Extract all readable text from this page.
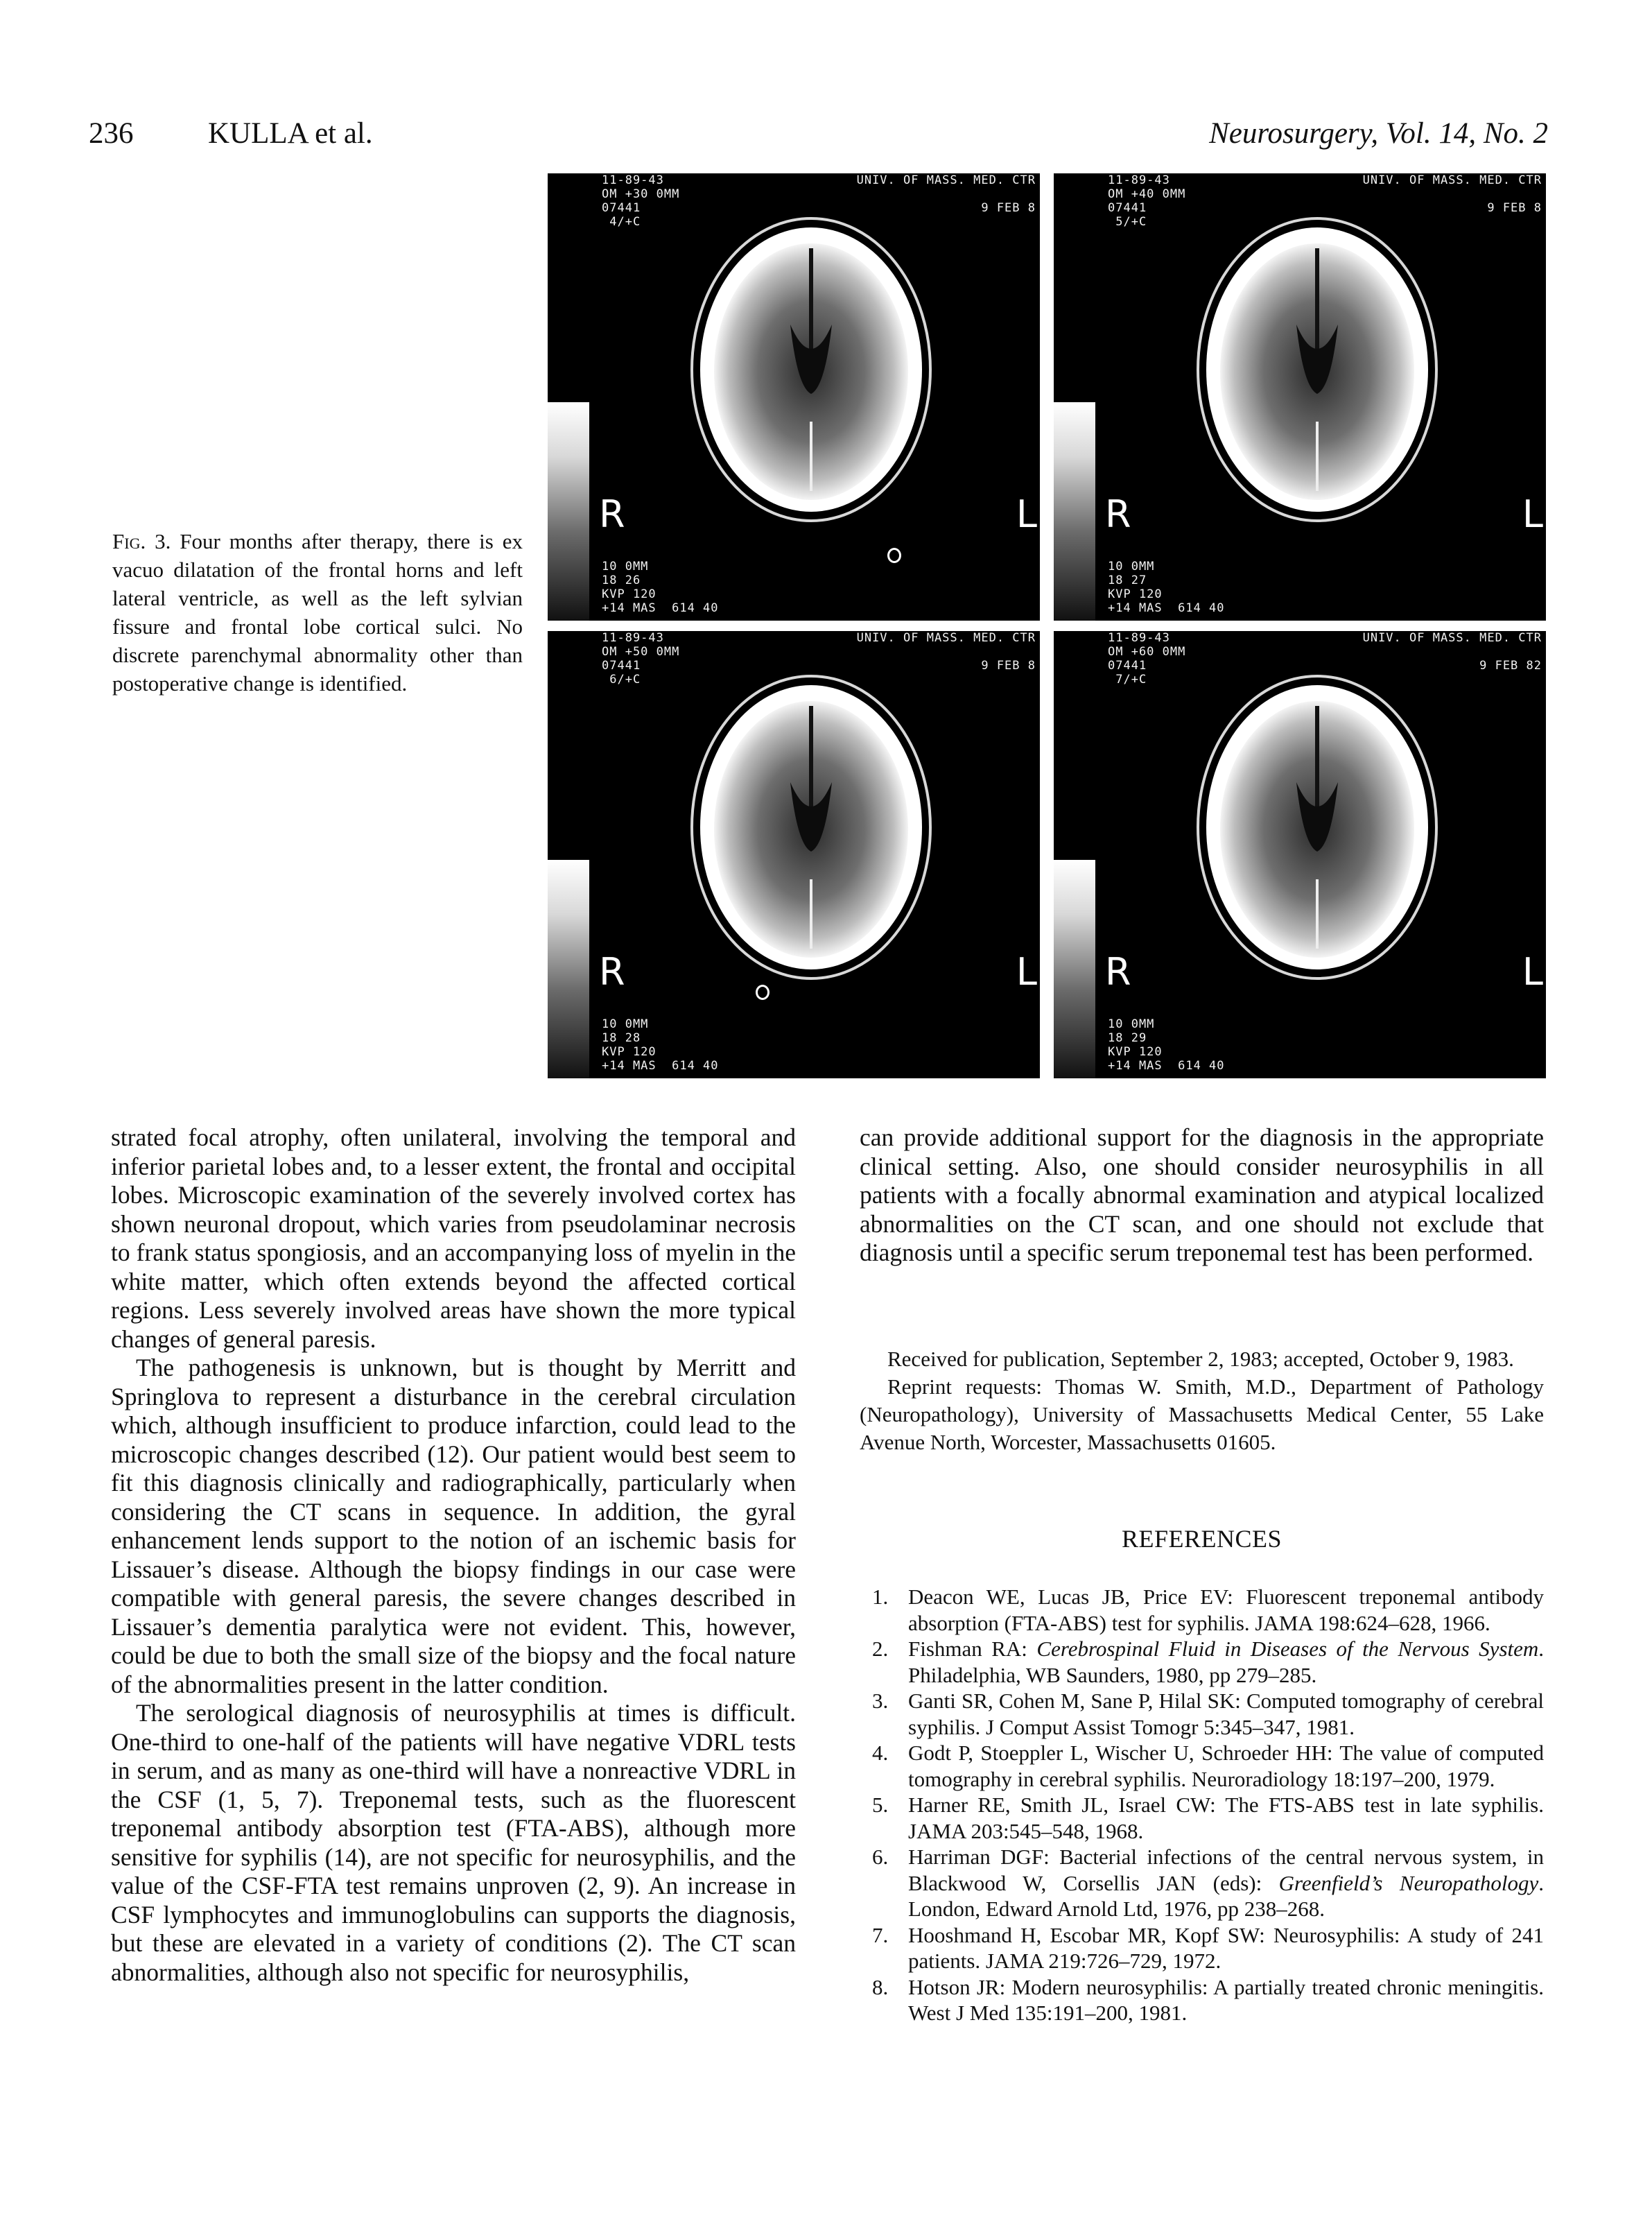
236	KULLA et al.	Neurosurgery, Vol. 14, No. 2
Fig. 3. Four months after therapy, there is ex vacuo dilatation of the frontal horns and left lateral ventricle, as well as the left sylvian fissure and frontal lobe cortical sulci. No discrete parenchymal abnormality other than postoperative change is identified.
11-89-43
OM +30 0MM
07441
4/+C
UNIV. OF MASS. MED. CTR
9 FEB 8
10 0MM
18 26
KVP 120
+14 MAS  614 40
R	L
11-89-43
OM +40 0MM
07441
5/+C
UNIV. OF MASS. MED. CTR
9 FEB 8
10 0MM
18 27
KVP 120
+14 MAS  614 40
R	L
11-89-43
OM +50 0MM
07441
6/+C
UNIV. OF MASS. MED. CTR
9 FEB 8
10 0MM
18 28
KVP 120
+14 MAS  614 40
R	L
11-89-43
OM +60 0MM
07441
7/+C
UNIV. OF MASS. MED. CTR
9 FEB 82
10 0MM
18 29
KVP 120
+14 MAS  614 40
R	L

strated focal atrophy, often unilateral, involving the temporal and inferior parietal lobes and, to a lesser extent, the frontal and occipital lobes. Microscopic examination of the severely involved cortex has shown neuronal dropout, which varies from pseudolaminar necrosis to frank status spongiosis, and an accompanying loss of myelin in the white matter, which often extends beyond the affected cortical regions. Less severely involved areas have shown the more typical changes of general paresis.

The pathogenesis is unknown, but is thought by Merritt and Springlova to represent a disturbance in the cerebral circulation which, although insufficient to produce infarction, could lead to the microscopic changes described (12). Our patient would best seem to fit this diagnosis clinically and radiographically, particularly when considering the CT scans in sequence. In addition, the gyral enhancement lends support to the notion of an ischemic basis for Lissauer’s disease. Although the biopsy findings in our case were compatible with general paresis, the severe changes described in Lissauer’s dementia paralytica were not evident. This, however, could be due to both the small size of the biopsy and the focal nature of the abnormalities present in the latter condition.

The serological diagnosis of neurosyphilis at times is difficult. One-third to one-half of the patients will have negative VDRL tests in serum, and as many as one-third will have a nonreactive VDRL in the CSF (1, 5, 7). Treponemal tests, such as the fluorescent treponemal antibody absorption test (FTA-ABS), although more sensitive for syphilis (14), are not specific for neurosyphilis, and the value of the CSF-FTA test remains unproven (2, 9). An increase in CSF lymphocytes and immunoglobulins can supports the diagnosis, but these are elevated in a variety of conditions (2). The CT scan abnormalities, although also not specific for neurosyphilis,

can provide additional support for the diagnosis in the appropriate clinical setting. Also, one should consider neurosyphilis in all patients with a focally abnormal examination and atypical localized abnormalities on the CT scan, and one should not exclude that diagnosis until a specific serum treponemal test has been performed.

Received for publication, September 2, 1983; accepted, October 9, 1983.

Reprint requests: Thomas W. Smith, M.D., Department of Pathology (Neuropathology), University of Massachusetts Medical Center, 55 Lake Avenue North, Worcester, Massachusetts 01605.

REFERENCES
1. Deacon WE, Lucas JB, Price EV: Fluorescent treponemal antibody absorption (FTA-ABS) test for syphilis. JAMA 198:624–628, 1966.
2. Fishman RA: Cerebrospinal Fluid in Diseases of the Nervous System. Philadelphia, WB Saunders, 1980, pp 279–285.
3. Ganti SR, Cohen M, Sane P, Hilal SK: Computed tomography of cerebral syphilis. J Comput Assist Tomogr 5:345–347, 1981.
4. Godt P, Stoeppler L, Wischer U, Schroeder HH: The value of computed tomography in cerebral syphilis. Neuroradiology 18:197–200, 1979.
5. Harner RE, Smith JL, Israel CW: The FTS-ABS test in late syphilis. JAMA 203:545–548, 1968.
6. Harriman DGF: Bacterial infections of the central nervous system, in Blackwood W, Corsellis JAN (eds): Greenfield’s Neuropathology. London, Edward Arnold Ltd, 1976, pp 238–268.
7. Hooshmand H, Escobar MR, Kopf SW: Neurosyphilis: A study of 241 patients. JAMA 219:726–729, 1972.
8. Hotson JR: Modern neurosyphilis: A partially treated chronic meningitis. West J Med 135:191–200, 1981.
